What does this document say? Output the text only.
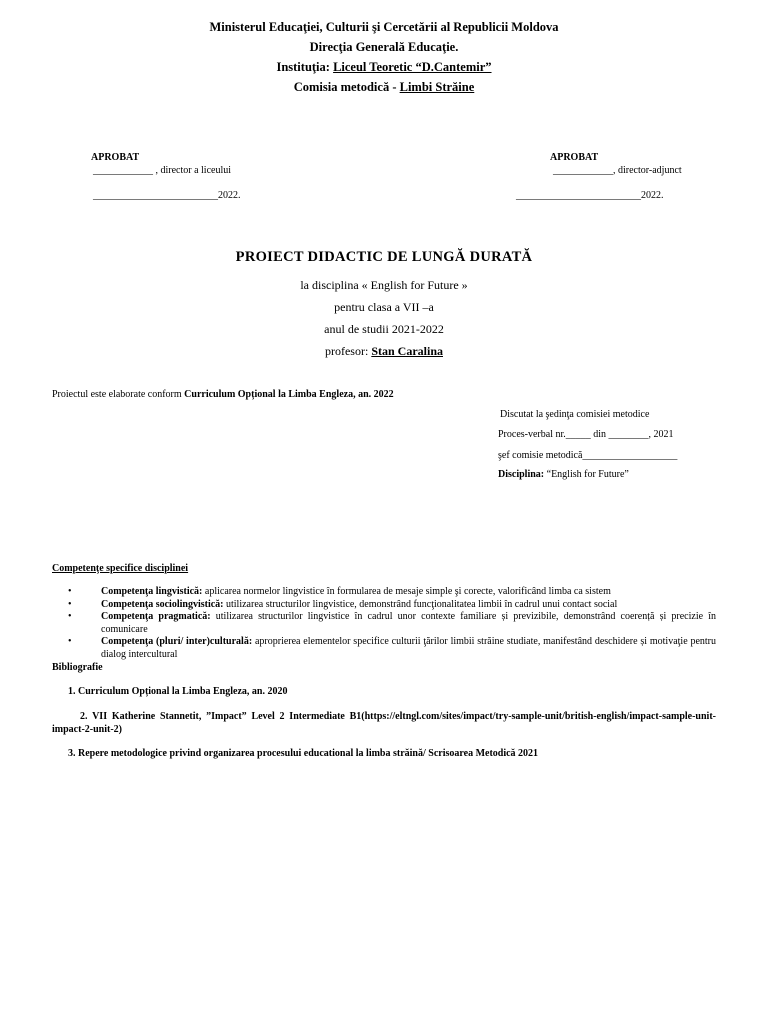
Ministerul Educaţiei, Culturii şi Cercetării al Republicii Moldova
Direcţia Generală Educaţie.
Instituţia: Liceul Teoretic “D.Cantemir”
Comisia metodică - Limbi Străine
APROBAT
____________ , director a liceului
_________________________2022.
APROBAT
____________, director-adjunct
_________________________2022.
PROIECT DIDACTIC DE LUNGĂ DURATĂ
la disciplina « English for Future »
pentru clasa a VII –a
anul de studii 2021-2022
profesor: Stan Caralina
Proiectul este elaborate conform Curriculum Opțional la Limba Engleza, an. 2022
Discutat la şedinţa comisiei metodice
Proces-verbal nr._____ din ________, 2021
şef comisie metodică___________________
Disciplina: “English for Future”
Competenţe specifice disciplinei
•	Competenţa lingvistică: aplicarea normelor lingvistice în formularea de mesaje simple şi corecte, valorificând limba ca sistem
•	Competenţa sociolingvistică: utilizarea structurilor lingvistice, demonstrând funcţionalitatea limbii în cadrul unui contact social
•	Competenţa pragmatică: utilizarea structurilor lingvistice în cadrul unor contexte familiare și previzibile, demonstrând coerență și precizie în comunicare
•	Competenţa (pluri/ inter)culturală: aproprierea elementelor specifice culturii ţărilor limbii străine studiate, manifestând deschidere și motivaţie pentru dialog intercultural
Bibliografie
1. Curriculum Opțional la Limba Engleza, an. 2020
2. VII Katherine Stannetit, ”Impact” Level 2 Intermediate B1(https://eltngl.com/sites/impact/try-sample-unit/british-english/impact-sample-unit-impact-2-unit-2)
3. Repere metodologice privind organizarea procesului educational la limba străină/ Scrisoarea Metodică 2021
